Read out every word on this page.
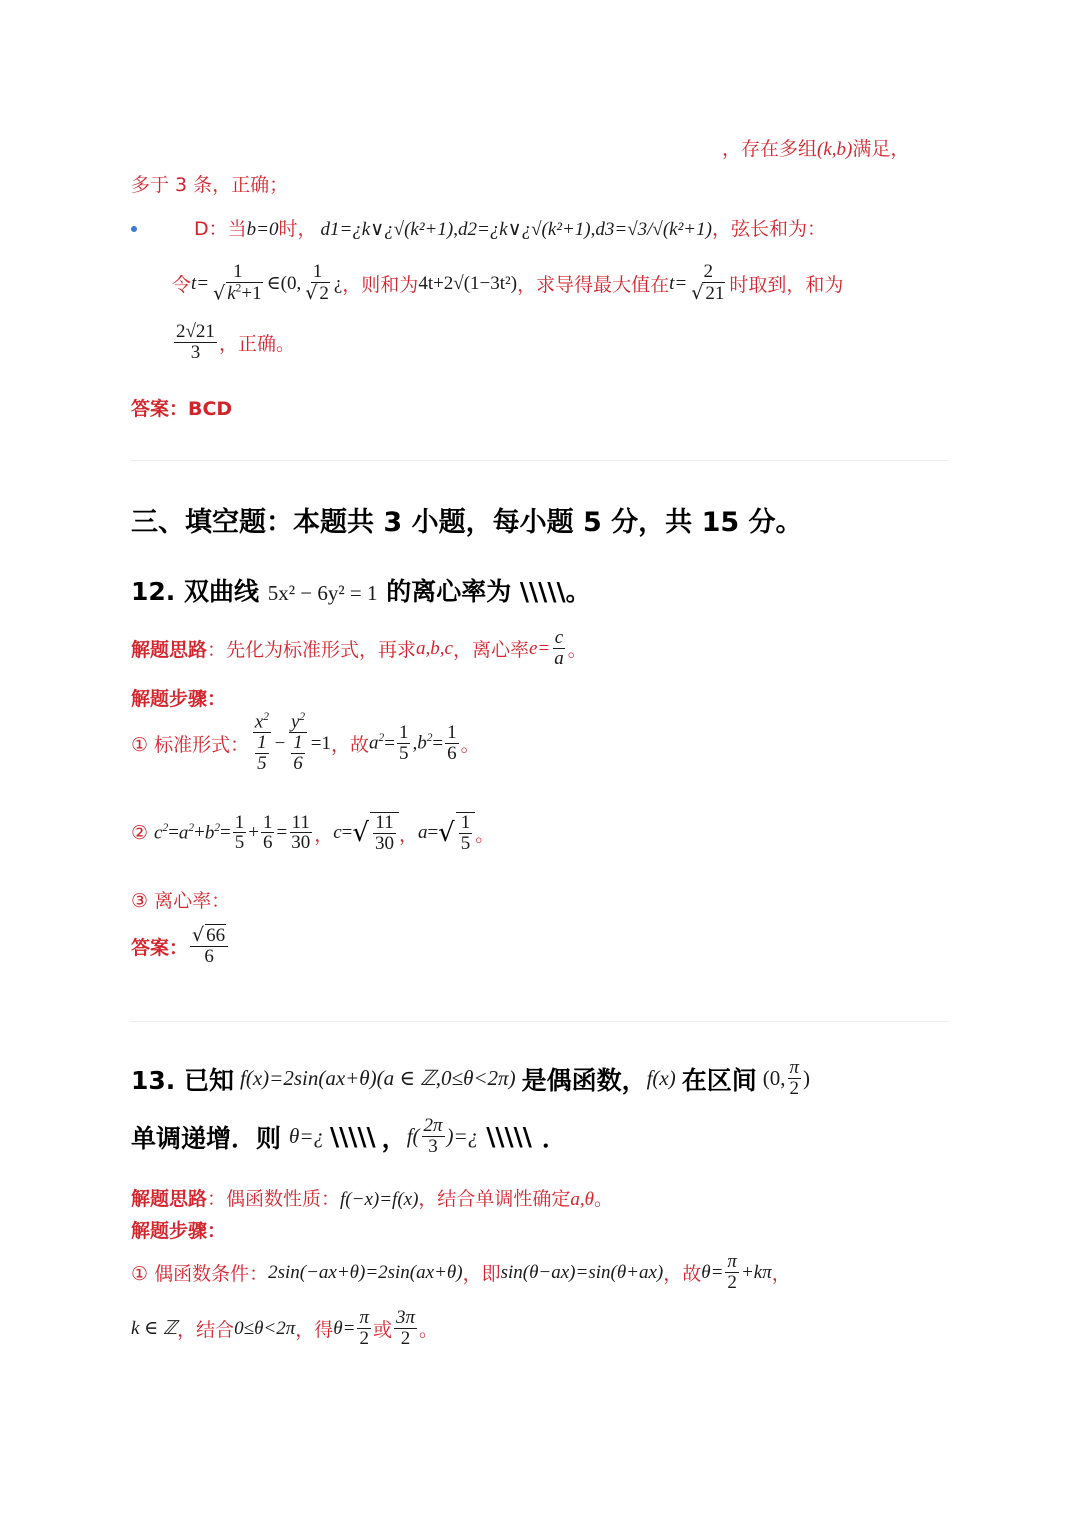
，存在多组(k,b)满足，
多于 3 条，正确；
D：当b=0时， d1=¿k∨¿√(k²+1),d2=¿k∨¿√(k²+1),d3=√3/√(k²+1)，弦长和为：
令 $t= \frac{1}{√ k^2+1}$ ∈(0, $\frac{1}{√ 2}$ ¿ ，则和为 4t+2√(1−3t²) ，求导得最大值在 $t= \frac{2}{√ 21}$ 时取到，和为
$\frac{2√21}{3}$ ，正确。
答案：BCD
三、填空题：本题共 3 小题，每小题 5 分，共 15 分。
12. 双曲线 5x² − 6y² = 1 的离心率为 \\\\\。
解题思路 ：先化为标准形式，再求 a,b,c ，离心率 $e= \frac{c}{a}$ 。
解题步骤：
① 标准形式： $\frac{x^2}{\frac{1}{5}} - \frac{y^2}{\frac{1}{6}} =1$ ，故 $a^2 = \frac{1}{5}$ , $b^2 = \frac{1}{6}$ 。
② $c^2 = a^2 + b^2 = \frac{1}{5} + \frac{1}{6} = \frac{11}{30}$ ， c = √ $\frac{11}{30}$ ， a = √ $\frac{1}{5}$ 。
③ 离心率：
答案： $\frac{√ 66}{6}$
13. 已知 f(x)=2sin(ax+θ)(a ∈ ℤ,0≤θ<2π) 是偶函数， f(x) 在区间 (0, $\frac{\pi}{2}$ )
单调递增．则 θ=¿ \\\\\ ， $f( \frac{2\pi}{3}$ )=¿ \\\\\ ．
解题思路：偶函数性质：f(−x)=f(x)，结合单调性确定a,θ。
解题步骤：
① 偶函数条件： 2sin(−ax+θ)=2sin(ax+θ) ，即 sin(θ−ax)=sin(θ+ax) ，故 $\theta= \frac{\pi}{2} +k\pi$ ，
k ∈ ℤ ，结合 0≤θ<2π ，得 $\theta= \frac{\pi}{2}$ 或 $\frac{3\pi}{2}$ 。
